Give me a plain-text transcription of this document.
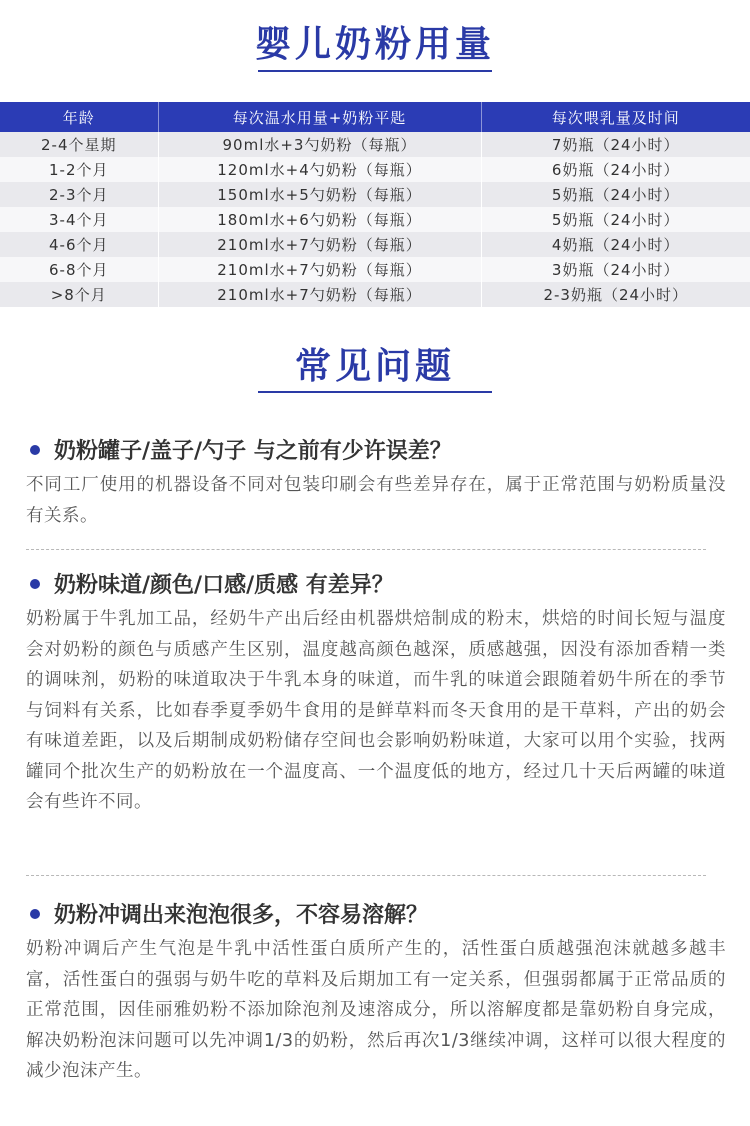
婴儿奶粉用量
年龄	每次温水用量+奶粉平匙	每次喂乳量及时间
2-4个星期	90ml水+3勺奶粉（每瓶）	7奶瓶（24小时）
1-2个月	120ml水+4勺奶粉（每瓶）	6奶瓶（24小时）
2-3个月	150ml水+5勺奶粉（每瓶）	5奶瓶（24小时）
3-4个月	180ml水+6勺奶粉（每瓶）	5奶瓶（24小时）
4-6个月	210ml水+7勺奶粉（每瓶）	4奶瓶（24小时）
6-8个月	210ml水+7勺奶粉（每瓶）	3奶瓶（24小时）
>8个月	210ml水+7勺奶粉（每瓶）	2-3奶瓶（24小时）
常见问题
奶粉罐子/盖子/勺子 与之前有少许误差？

不同工厂使用的机器设备不同对包装印刷会有些差异存在，属于正常范围与奶粉质量没有关系。

奶粉味道/颜色/口感/质感 有差异？

奶粉属于牛乳加工品，经奶牛产出后经由机器烘焙制成的粉末，烘焙的时间长短与温度会对奶粉的颜色与质感产生区别，温度越高颜色越深，质感越强，因没有添加香精一类的调味剂，奶粉的味道取决于牛乳本身的味道，而牛乳的味道会跟随着奶牛所在的季节与饲料有关系，比如春季夏季奶牛食用的是鲜草料而冬天食用的是干草料，产出的奶会有味道差距，以及后期制成奶粉储存空间也会影响奶粉味道，大家可以用个实验，找两罐同个批次生产的奶粉放在一个温度高、一个温度低的地方，经过几十天后两罐的味道会有些许不同。

奶粉冲调出来泡泡很多，不容易溶解？

奶粉冲调后产生气泡是牛乳中活性蛋白质所产生的，活性蛋白质越强泡沫就越多越丰富，活性蛋白的强弱与奶牛吃的草料及后期加工有一定关系，但强弱都属于正常品质的正常范围，因佳丽雅奶粉不添加除泡剂及速溶成分，所以溶解度都是靠奶粉自身完成，解决奶粉泡沫问题可以先冲调1/3的奶粉，然后再次1/3继续冲调，这样可以很大程度的减少泡沫产生。
